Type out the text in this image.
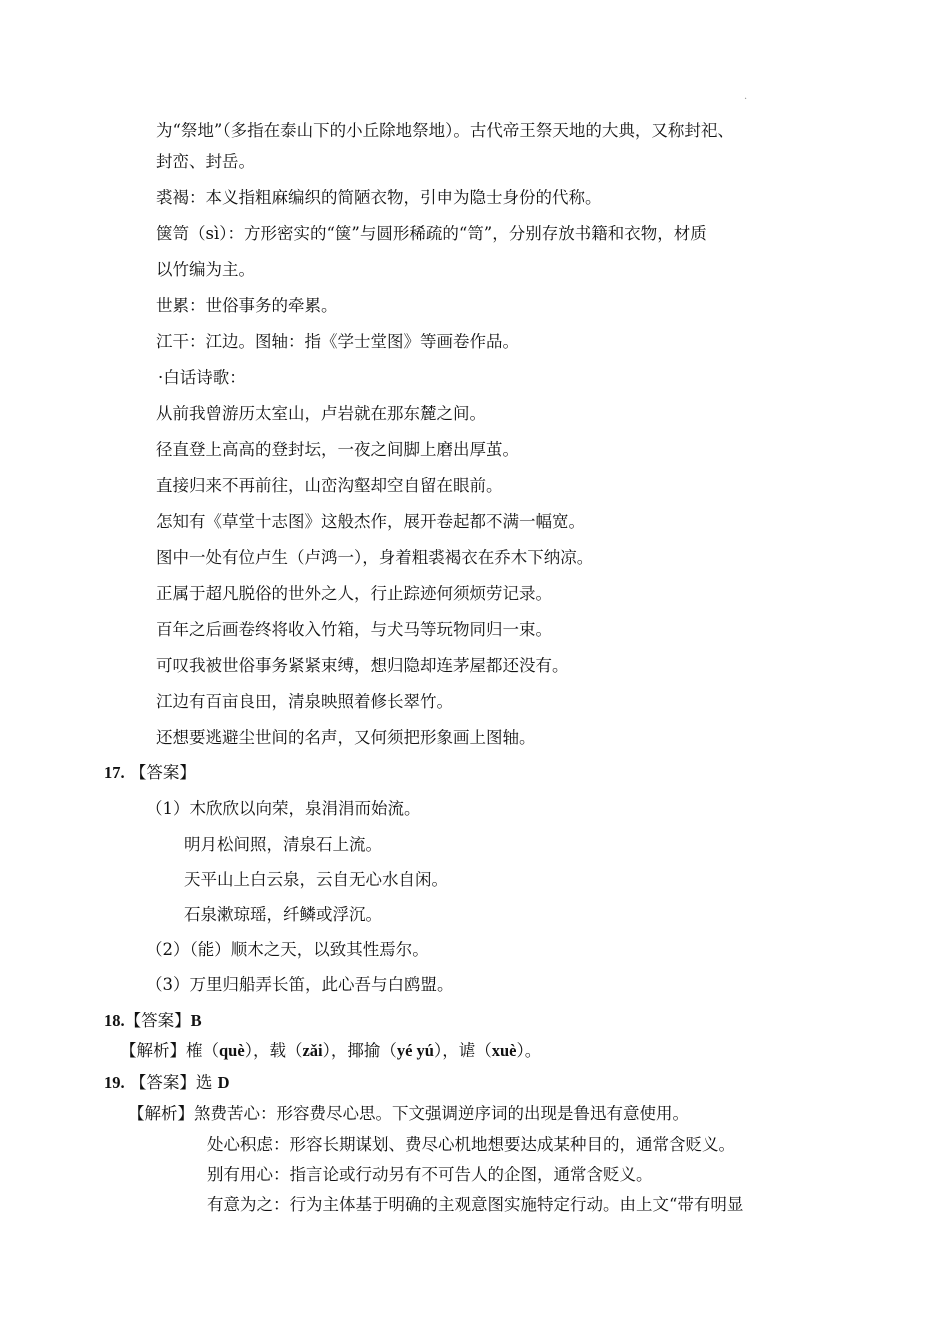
·
为“祭地”（多指在泰山下的小丘除地祭地）。古代帝王祭天地的大典，又称封祀、
封峦、封岳。
裘褐：本义指粗麻编织的简陋衣物，引申为隐士身份的代称。
箧笥（sì）：方形密实的“箧”与圆形稀疏的“笥”，分别存放书籍和衣物，材质
以竹编为主。
世累：世俗事务的牵累。
江干：江边。图轴：指《学士堂图》等画卷作品。
·白话诗歌：
从前我曾游历太室山，卢岩就在那东麓之间。
径直登上高高的登封坛，一夜之间脚上磨出厚茧。
直接归来不再前往，山峦沟壑却空自留在眼前。
怎知有《草堂十志图》这般杰作，展开卷起都不满一幅宽。
图中一处有位卢生（卢鸿一），身着粗裘褐衣在乔木下纳凉。
正属于超凡脱俗的世外之人，行止踪迹何须烦劳记录。
百年之后画卷终将收入竹箱，与犬马等玩物同归一束。
可叹我被世俗事务紧紧束缚，想归隐却连茅屋都还没有。
江边有百亩良田，清泉映照着修长翠竹。
还想要逃避尘世间的名声，又何须把形象画上图轴。
17. 【答案】
（1）木欣欣以向荣，泉涓涓而始流。
明月松间照，清泉石上流。
天平山上白云泉，云自无心水自闲。
石泉漱琼瑶，纤鳞或浮沉。
（2）（能）顺木之天，以致其性焉尔。
（3）万里归船弄长笛，此心吾与白鸥盟。
18.【答案】B
【解析】榷（què），载（zǎi），揶揄（yé yú），谑（xuè）。
19. 【答案】选 D
【解析】煞费苦心：形容费尽心思。下文强调逆序词的出现是鲁迅有意使用。
处心积虑：形容长期谋划、费尽心机地想要达成某种目的，通常含贬义。
别有用心：指言论或行动另有不可告人的企图，通常含贬义。
有意为之：行为主体基于明确的主观意图实施特定行动。由上文“带有明显
